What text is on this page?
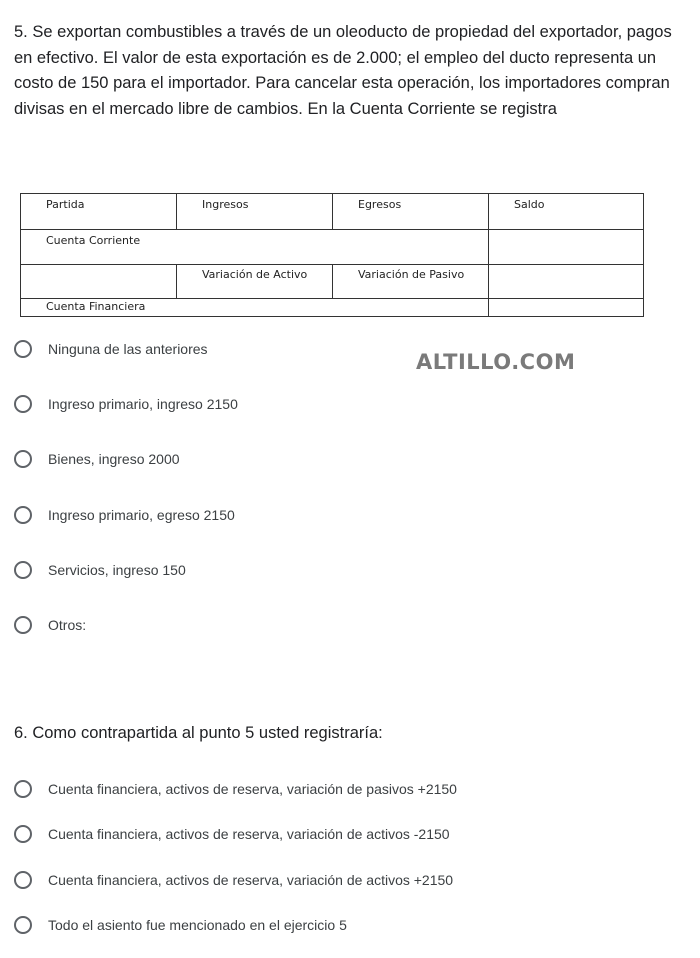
5. Se exportan combustibles a través de un oleoducto de propiedad del exportador, pagos en efectivo. El valor de esta exportación es de 2.000; el empleo del ducto representa un costo de 150 para el importador. Para cancelar esta operación, los importadores compran divisas en el mercado libre de cambios. En la Cuenta Corriente se registra
Partida	Ingresos	Egresos	Saldo
Cuenta Corriente			
	Variación de Activo	Variación de Pasivo	
Cuenta Financiera			
ALTILLO.COM
Ninguna de las anteriores
Ingreso primario, ingreso 2150
Bienes, ingreso 2000
Ingreso primario, egreso 2150
Servicios, ingreso 150
Otros:
6. Como contrapartida al punto 5 usted registraría:
Cuenta financiera, activos de reserva, variación de pasivos +2150
Cuenta financiera, activos de reserva, variación de activos -2150
Cuenta financiera, activos de reserva, variación de activos +2150
Todo el asiento fue mencionado en el ejercicio 5
